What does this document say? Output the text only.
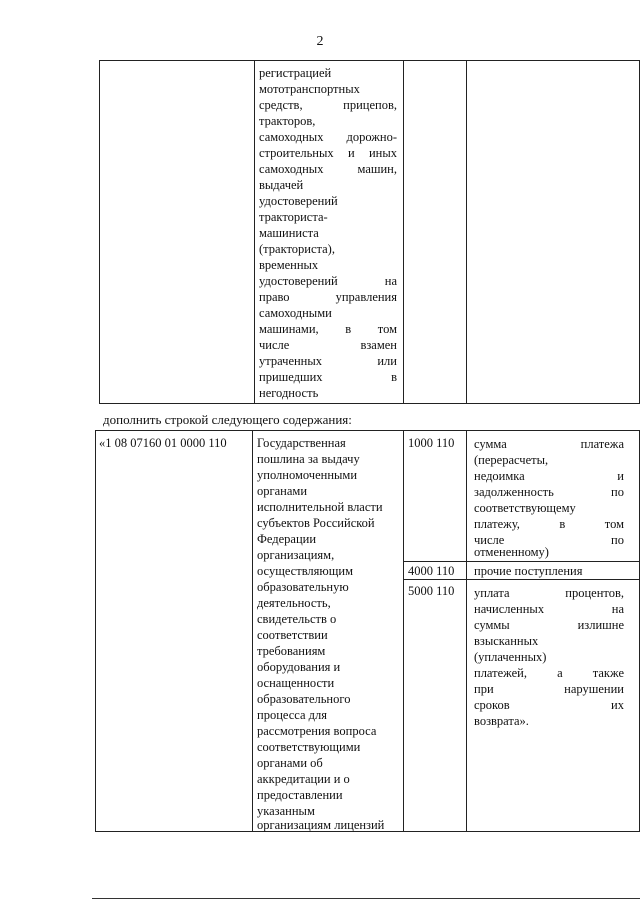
2
регистрацией
мототранспортных
средств, прицепов,
тракторов,
самоходных дорожно-
строительных и иных
самоходных машин,
выдачей
удостоверений
тракториста-
машиниста
(тракториста),
временных
удостоверений на
право управления
самоходными
машинами, в том
числе взамен
утраченных или
пришедших в
негодность
дополнить строкой следующего содержания:
«1 08 07160 01 0000 110	Государственная
пошлина за выдачу
уполномоченными
органами
исполнительной власти
субъектов Российской
Федерации
организациям,
осуществляющим
образовательную
деятельность,
свидетельств о
соответствии
требованиям
оборудования и
оснащенности
образовательного
процесса для
рассмотрения вопроса
соответствующими
органами об
аккредитации и о
предоставлении
указанным
организациям лицензий
1000 110	сумма платежа
(перерасчеты,
недоимка и
задолженность по
соответствующему
платежу, в том
числе по
отмененному)
4000 110	прочие поступления
5000 110	уплата процентов,
начисленных на
суммы излишне
взысканных
(уплаченных)
платежей, а также
при нарушении
сроков их
возврата».
